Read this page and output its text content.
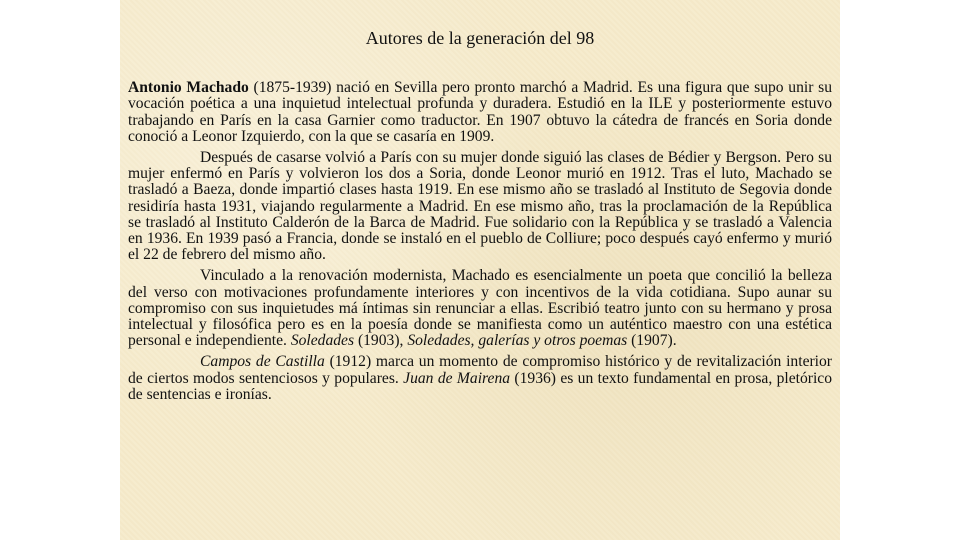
Autores de la generación del 98

Antonio Machado (1875-1939) nació en Sevilla pero pronto marchó a Madrid. Es una figura que supo unir su vocación poética a una inquietud intelectual profunda y duradera. Estudió en la ILE y posteriormente estuvo trabajando en París en la casa Garnier como traductor. En 1907 obtuvo la cátedra de francés en Soria donde conoció a Leonor Izquierdo, con la que se casaría en 1909.

Después de casarse volvió a París con su mujer donde siguió las clases de Bédier y Bergson. Pero su mujer enfermó en París y volvieron los dos a Soria, donde Leonor murió en 1912. Tras el luto, Machado se trasladó a Baeza, donde impartió clases hasta 1919. En ese mismo año se trasladó al Instituto de Segovia donde residiría hasta 1931, viajando regularmente a Madrid. En ese mismo año, tras la proclamación de la República se trasladó al Instituto Calderón de la Barca de Madrid. Fue solidario con la República y se trasladó a Valencia en 1936. En 1939 pasó a Francia, donde se instaló en el pueblo de Colliure; poco después cayó enfermo y murió el 22 de febrero del mismo año.

Vinculado a la renovación modernista, Machado es esencialmente un poeta que concilió la belleza del verso con motivaciones profundamente interiores y con incentivos de la vida cotidiana. Supo aunar su compromiso con sus inquietudes má íntimas sin renunciar a ellas. Escribió teatro junto con su hermano y prosa intelectual y filosófica pero es en la poesía donde se manifiesta como un auténtico maestro con una estética personal e independiente. Soledades (1903), Soledades, galerías y otros poemas (1907).

Campos de Castilla (1912) marca un momento de compromiso histórico y de revitalización interior de ciertos modos sentenciosos y populares. Juan de Mairena (1936) es un texto fundamental en prosa, pletórico de sentencias e ironías.
